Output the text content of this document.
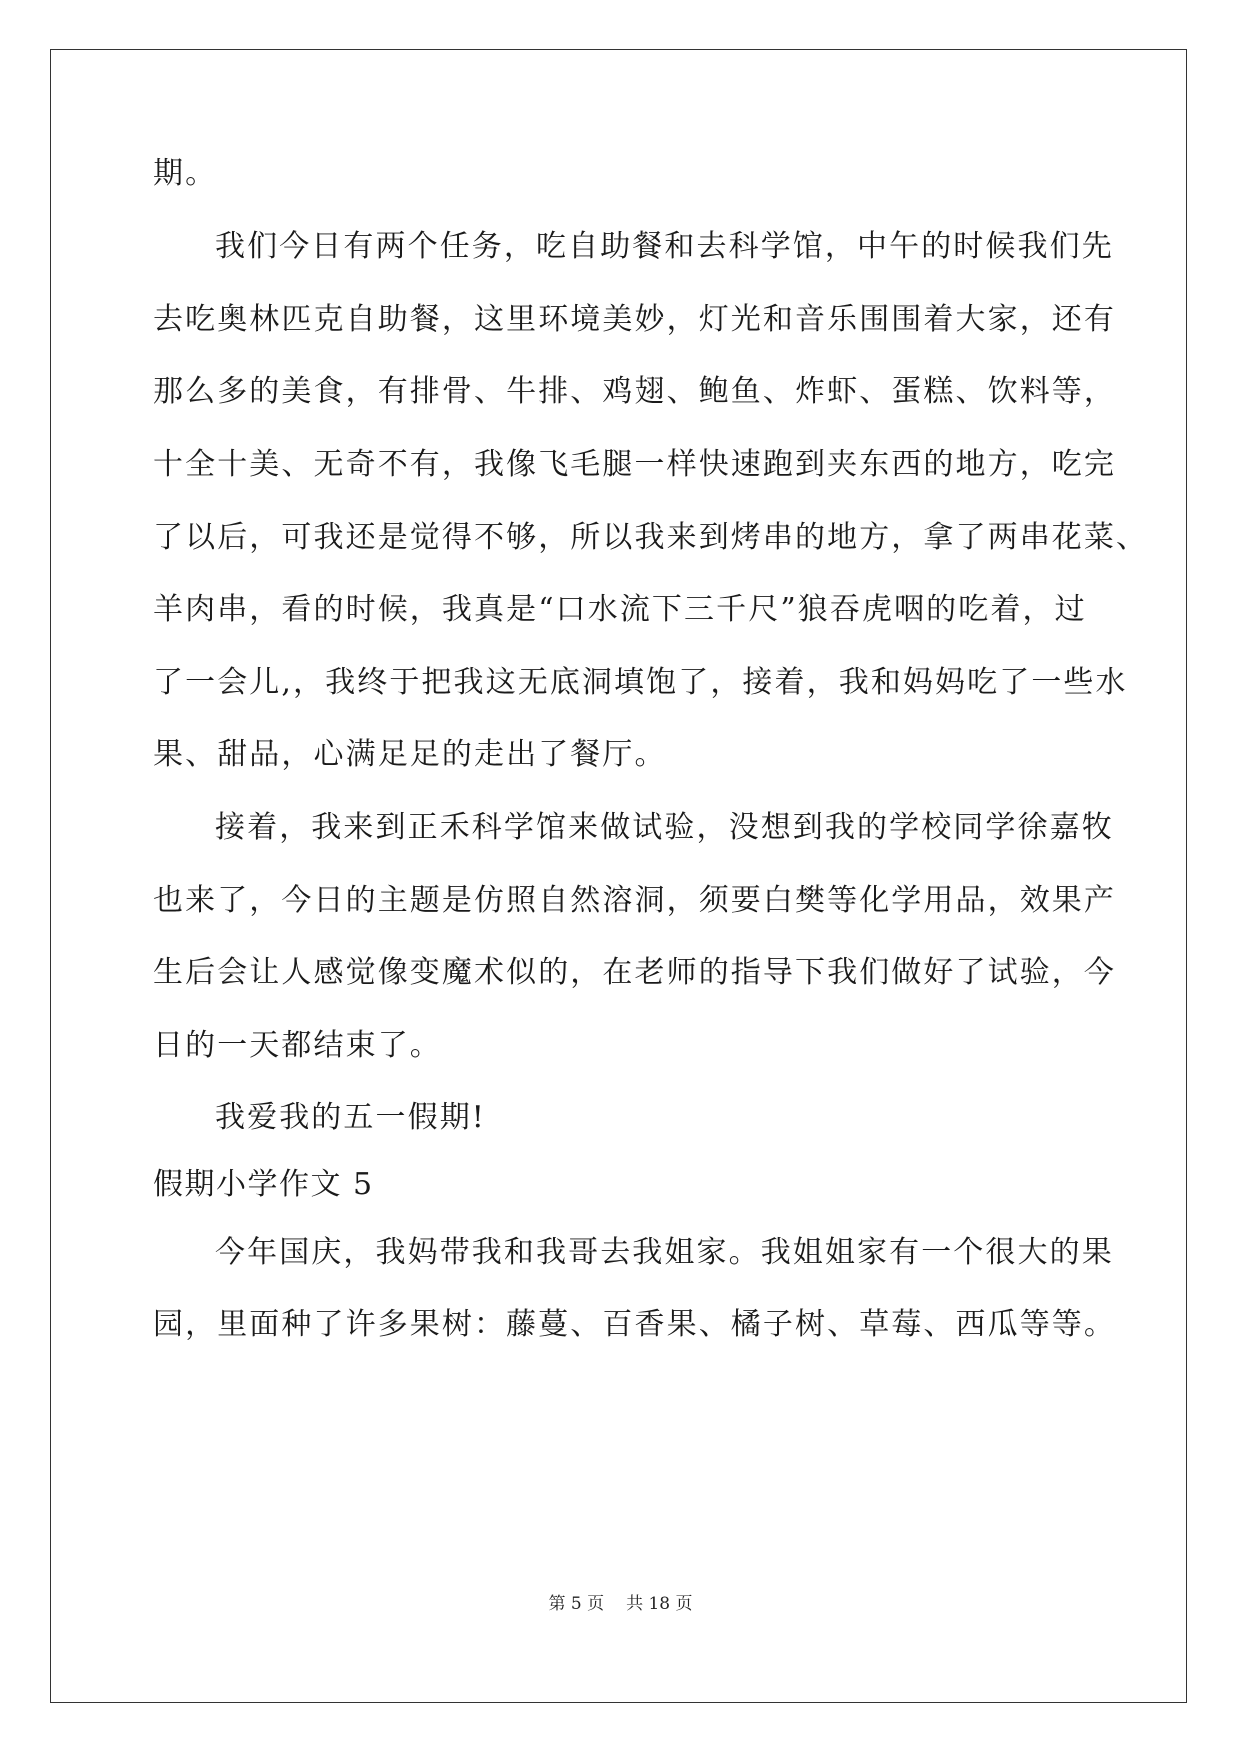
期。
我们今日有两个任务，吃自助餐和去科学馆，中午的时候我们先
去吃奥林匹克自助餐，这里环境美妙，灯光和音乐围围着大家，还有
那么多的美食，有排骨、牛排、鸡翅、鲍鱼、炸虾、蛋糕、饮料等，
十全十美、无奇不有，我像飞毛腿一样快速跑到夹东西的地方，吃完
了以后，可我还是觉得不够，所以我来到烤串的地方，拿了两串花菜、
羊肉串，看的时候，我真是“口水流下三千尺”狼吞虎咽的吃着，过
了一会儿,，我终于把我这无底洞填饱了，接着，我和妈妈吃了一些水
果、甜品，心满足足的走出了餐厅。
接着，我来到正禾科学馆来做试验，没想到我的学校同学徐嘉牧
也来了，今日的主题是仿照自然溶洞，须要白樊等化学用品，效果产
生后会让人感觉像变魔术似的，在老师的指导下我们做好了试验，今
日的一天都结束了。
我爱我的五一假期!
假期小学作文 5
今年国庆，我妈带我和我哥去我姐家。我姐姐家有一个很大的果
园，里面种了许多果树：藤蔓、百香果、橘子树、草莓、西瓜等等。
第 5 页 共 18 页
